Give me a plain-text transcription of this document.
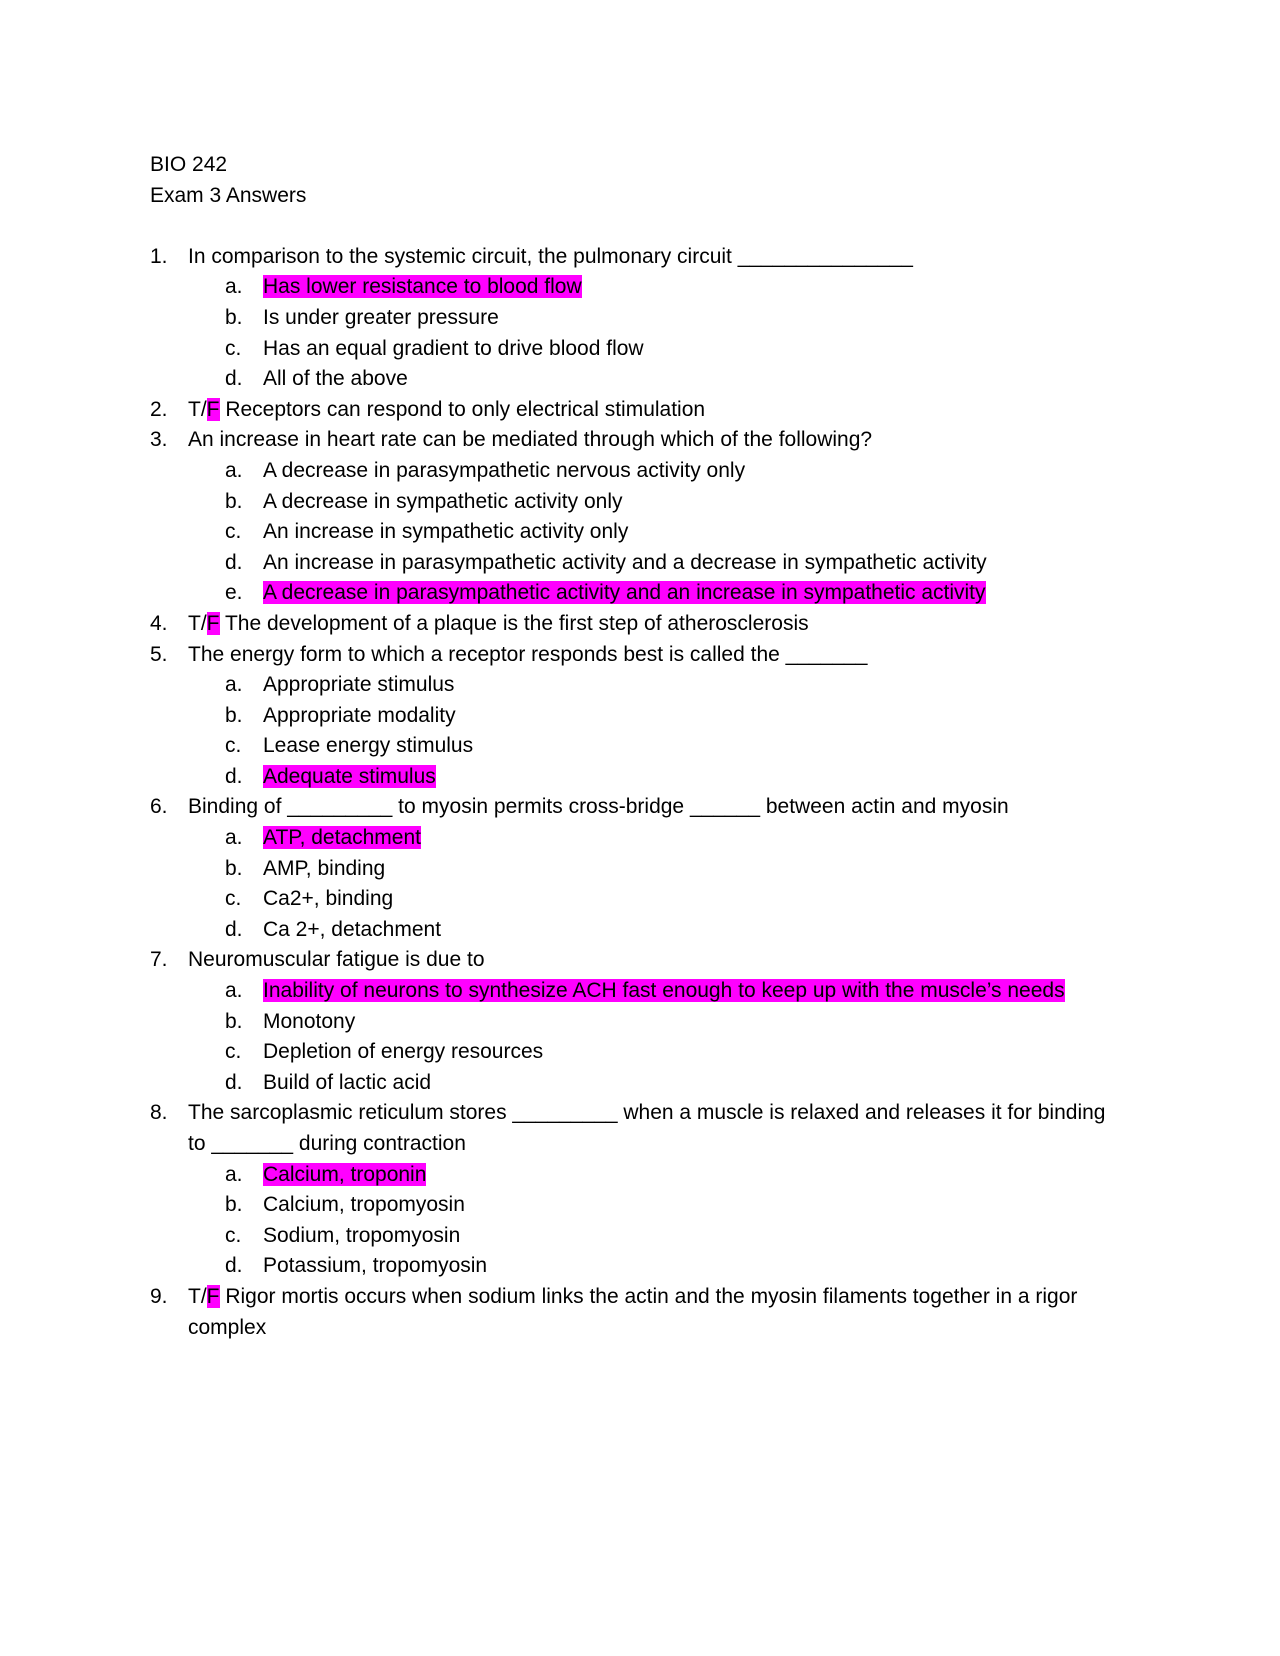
BIO 242
Exam 3 Answers
1. In comparison to the systemic circuit, the pulmonary circuit _______________
a. Has lower resistance to blood flow
b. Is under greater pressure
c.	Has an equal gradient to drive blood flow
d. All of the above
2. T/F Receptors can respond to only electrical stimulation
3. An increase in heart rate can be mediated through which of the following?
a. A decrease in parasympathetic nervous activity only
b. A decrease in sympathetic activity only
c.	An increase in sympathetic activity only
d. An increase in parasympathetic activity and a decrease in sympathetic activity
e. A decrease in parasympathetic activity and an increase in sympathetic activity
4. T/F The development of a plaque is the first step of atherosclerosis
5. The energy form to which a receptor responds best is called the _______
a. Appropriate stimulus
b. Appropriate modality
c.	Lease energy stimulus
d. Adequate stimulus
6. Binding of _________ to myosin permits cross-bridge ______ between actin and myosin
a. ATP, detachment
b. AMP, binding
c.	Ca2+, binding
d. Ca 2+, detachment
7. Neuromuscular fatigue is due to
a. Inability of neurons to synthesize ACH fast enough to keep up with the muscle’s needs
b. Monotony
c.	Depletion of energy resources
d. Build of lactic acid
8. The sarcoplasmic reticulum stores _________ when a muscle is relaxed and releases it for binding to _______ during contraction
a. Calcium, troponin
b. Calcium, tropomyosin
c.	Sodium, tropomyosin
d. Potassium, tropomyosin
9. T/F Rigor mortis occurs when sodium links the actin and the myosin filaments together in a rigor complex
